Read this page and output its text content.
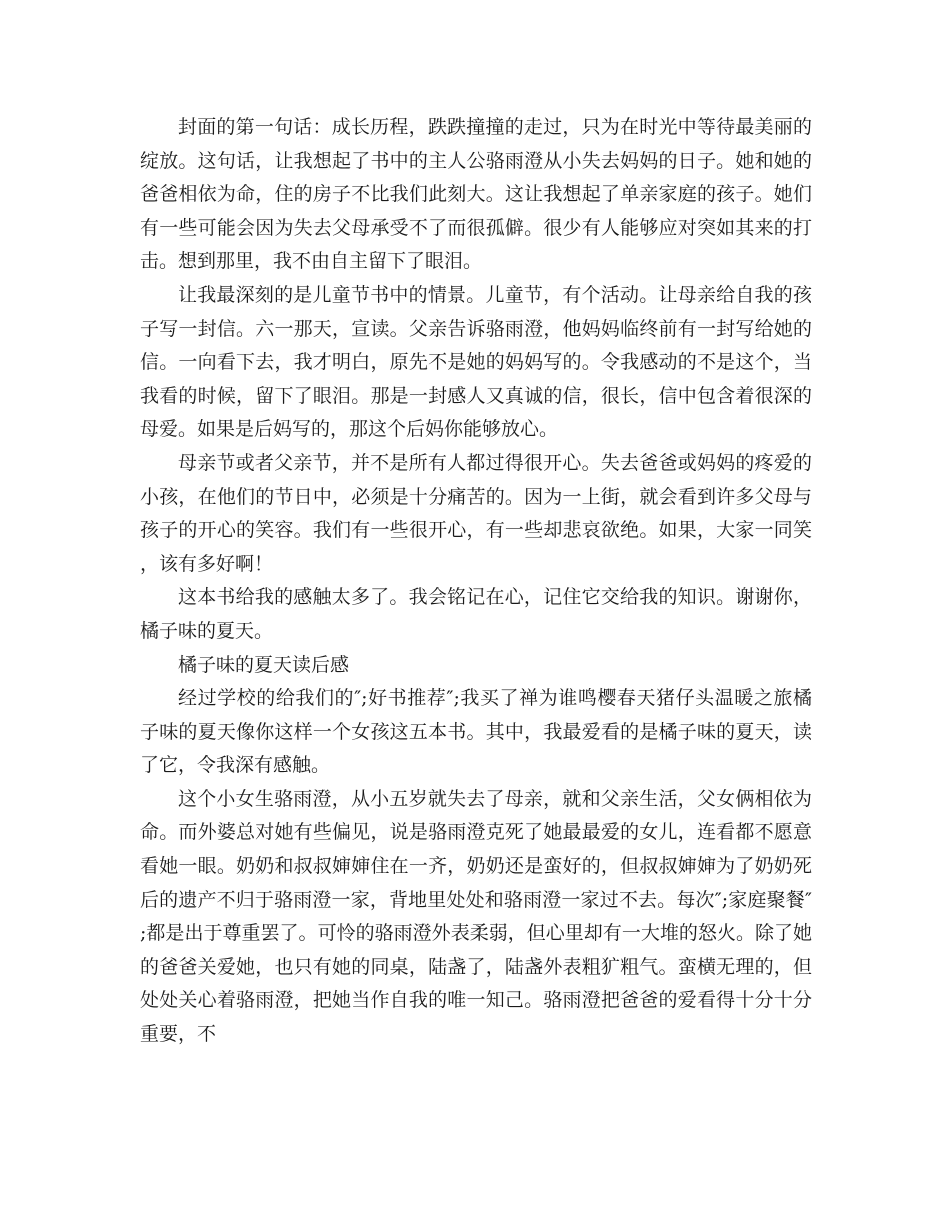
封面的第一句话：成长历程，跌跌撞撞的走过，只为在时光中等待最美丽的绽放。这句话，让我想起了书中的主人公骆雨澄从小失去妈妈的日子。她和她的爸爸相依为命，住的房子不比我们此刻大。这让我想起了单亲家庭的孩子。她们有一些可能会因为失去父母承受不了而很孤僻。很少有人能够应对突如其来的打击。想到那里，我不由自主留下了眼泪。

让我最深刻的是儿童节书中的情景。儿童节，有个活动。让母亲给自我的孩子写一封信。六一那天，宣读。父亲告诉骆雨澄，他妈妈临终前有一封写给她的信。一向看下去，我才明白，原先不是她的妈妈写的。令我感动的不是这个，当我看的时候，留下了眼泪。那是一封感人又真诚的信，很长，信中包含着很深的母爱。如果是后妈写的，那这个后妈你能够放心。

母亲节或者父亲节，并不是所有人都过得很开心。失去爸爸或妈妈的疼爱的小孩，在他们的节日中，必须是十分痛苦的。因为一上街，就会看到许多父母与孩子的开心的笑容。我们有一些很开心，有一些却悲哀欲绝。如果，大家一同笑，该有多好啊！

这本书给我的感触太多了。我会铭记在心，记住它交给我的知识。谢谢你，橘子味的夏天。

橘子味的夏天读后感

经过学校的给我们的″;好书推荐″;我买了禅为谁鸣樱春天猪仔头温暖之旅橘子味的夏天像你这样一个女孩这五本书。其中，我最爱看的是橘子味的夏天，读了它，令我深有感触。

这个小女生骆雨澄，从小五岁就失去了母亲，就和父亲生活，父女俩相依为命。而外婆总对她有些偏见，说是骆雨澄克死了她最最爱的女儿，连看都不愿意看她一眼。奶奶和叔叔婶婶住在一齐，奶奶还是蛮好的，但叔叔婶婶为了奶奶死后的遗产不归于骆雨澄一家，背地里处处和骆雨澄一家过不去。每次″;家庭聚餐″;都是出于尊重罢了。可怜的骆雨澄外表柔弱，但心里却有一大堆的怒火。除了她的爸爸关爱她，也只有她的同桌，陆盏了，陆盏外表粗犷粗气。蛮横无理的，但处处关心着骆雨澄，把她当作自我的唯一知己。骆雨澄把爸爸的爱看得十分十分重要，不
